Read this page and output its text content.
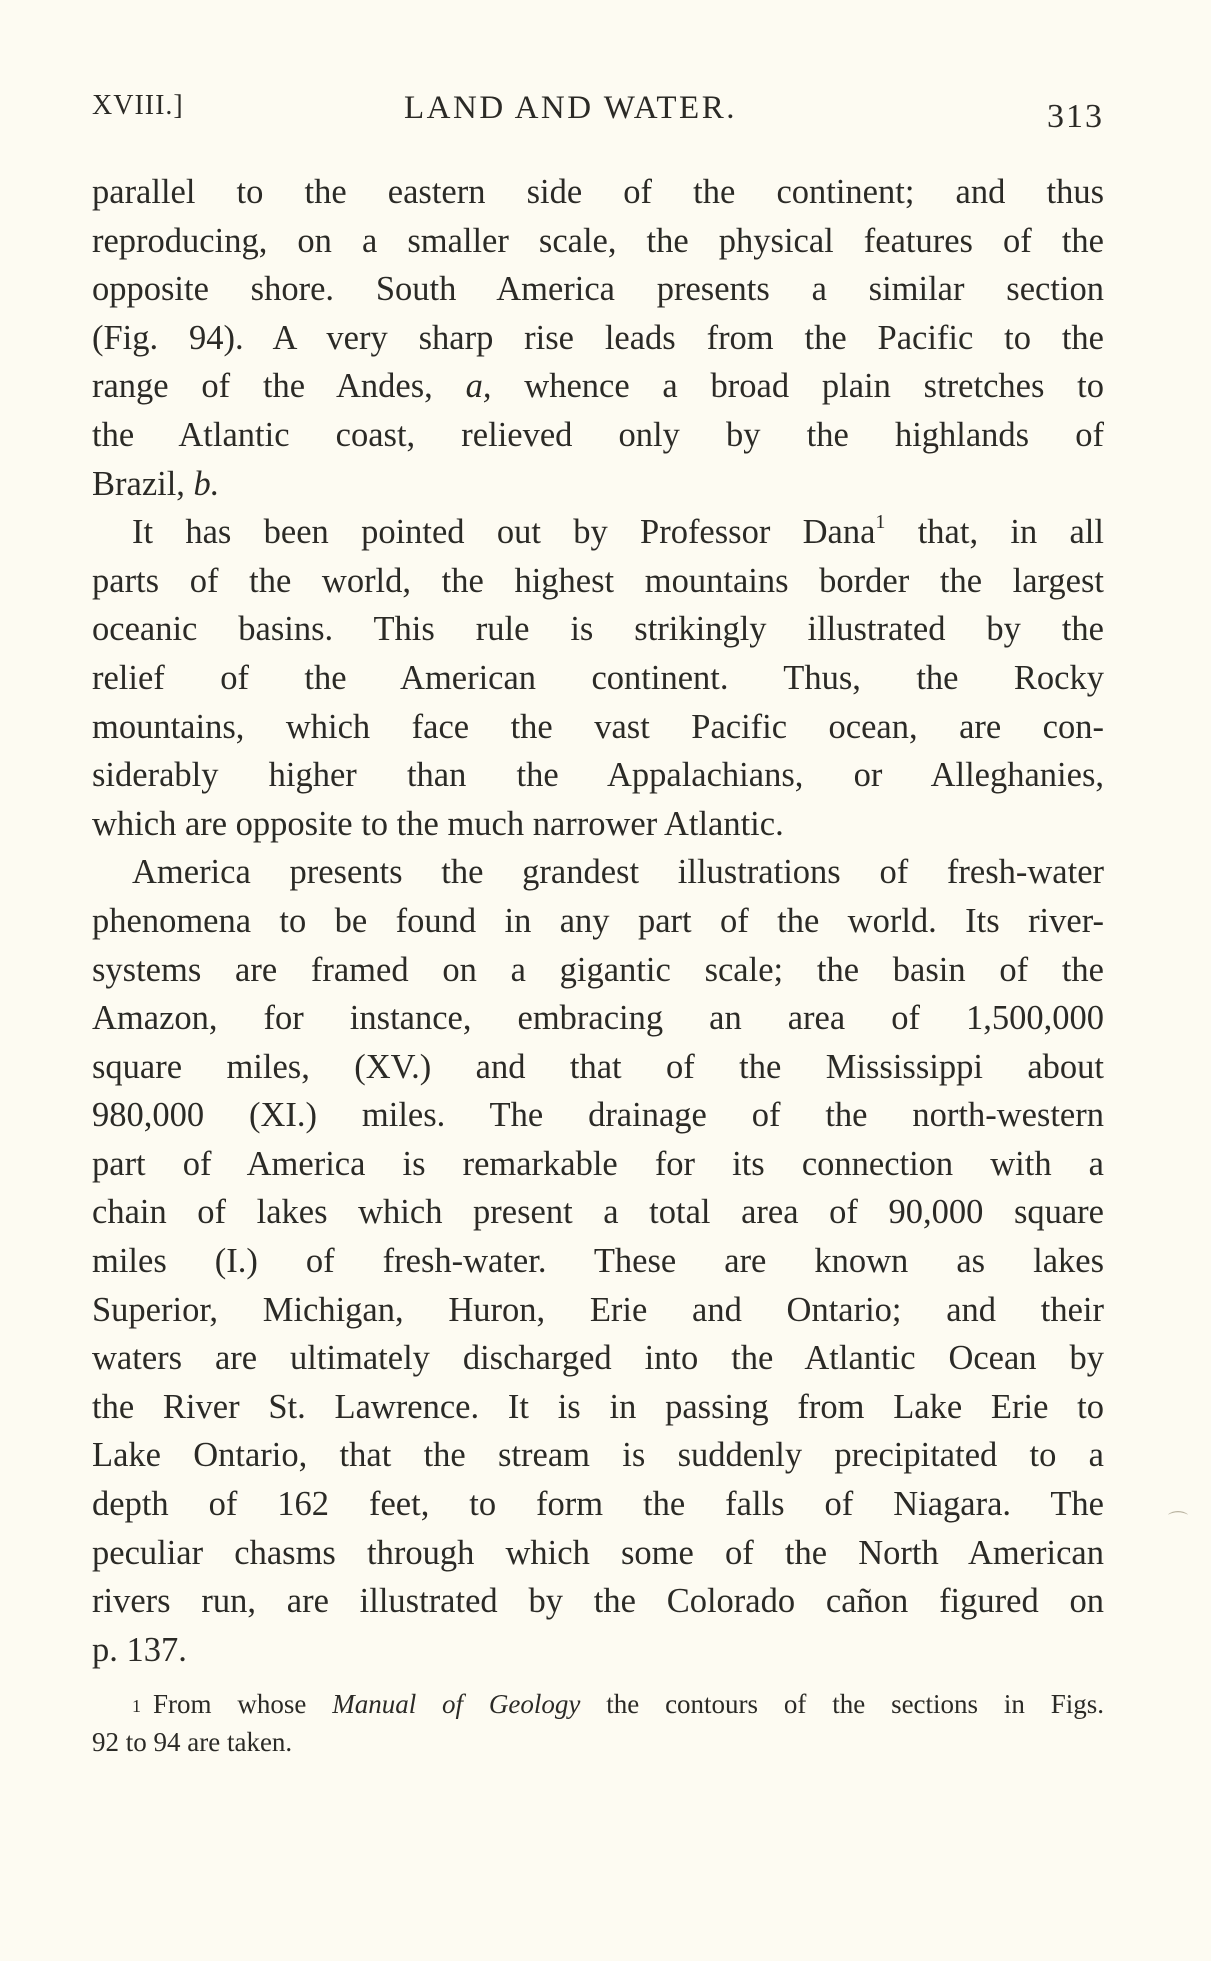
XVIII.]	LAND AND WATER.	313
parallel to the eastern side of the continent; and thus
reproducing, on a smaller scale, the physical features of the
opposite shore. South America presents a similar section
(Fig. 94). A very sharp rise leads from the Pacific to the
range of the Andes, a, whence a broad plain stretches to
the Atlantic coast, relieved only by the highlands of
Brazil, b.
It has been pointed out by Professor Dana$^1$ that, in all
parts of the world, the highest mountains border the largest
oceanic basins. This rule is strikingly illustrated by the
relief of the American continent. Thus, the Rocky
mountains, which face the vast Pacific ocean, are con-
siderably higher than the Appalachians, or Alleghanies,
which are opposite to the much narrower Atlantic.
America presents the grandest illustrations of fresh-water
phenomena to be found in any part of the world. Its river-
systems are framed on a gigantic scale; the basin of the
Amazon, for instance, embracing an area of 1,500,000
square miles, (XV.) and that of the Mississippi about
980,000 (XI.) miles. The drainage of the north-western
part of America is remarkable for its connection with a
chain of lakes which present a total area of 90,000 square
miles (I.) of fresh-water. These are known as lakes
Superior, Michigan, Huron, Erie and Ontario; and their
waters are ultimately discharged into the Atlantic Ocean by
the River St. Lawrence. It is in passing from Lake Erie to
Lake Ontario, that the stream is suddenly precipitated to a
depth of 162 feet, to form the falls of Niagara. The
peculiar chasms through which some of the North American
rivers run, are illustrated by the Colorado cañon figured on
p. 137.
$^1$ From whose Manual of Geology the contours of the sections in Figs.
92 to 94 are taken.
⌒
